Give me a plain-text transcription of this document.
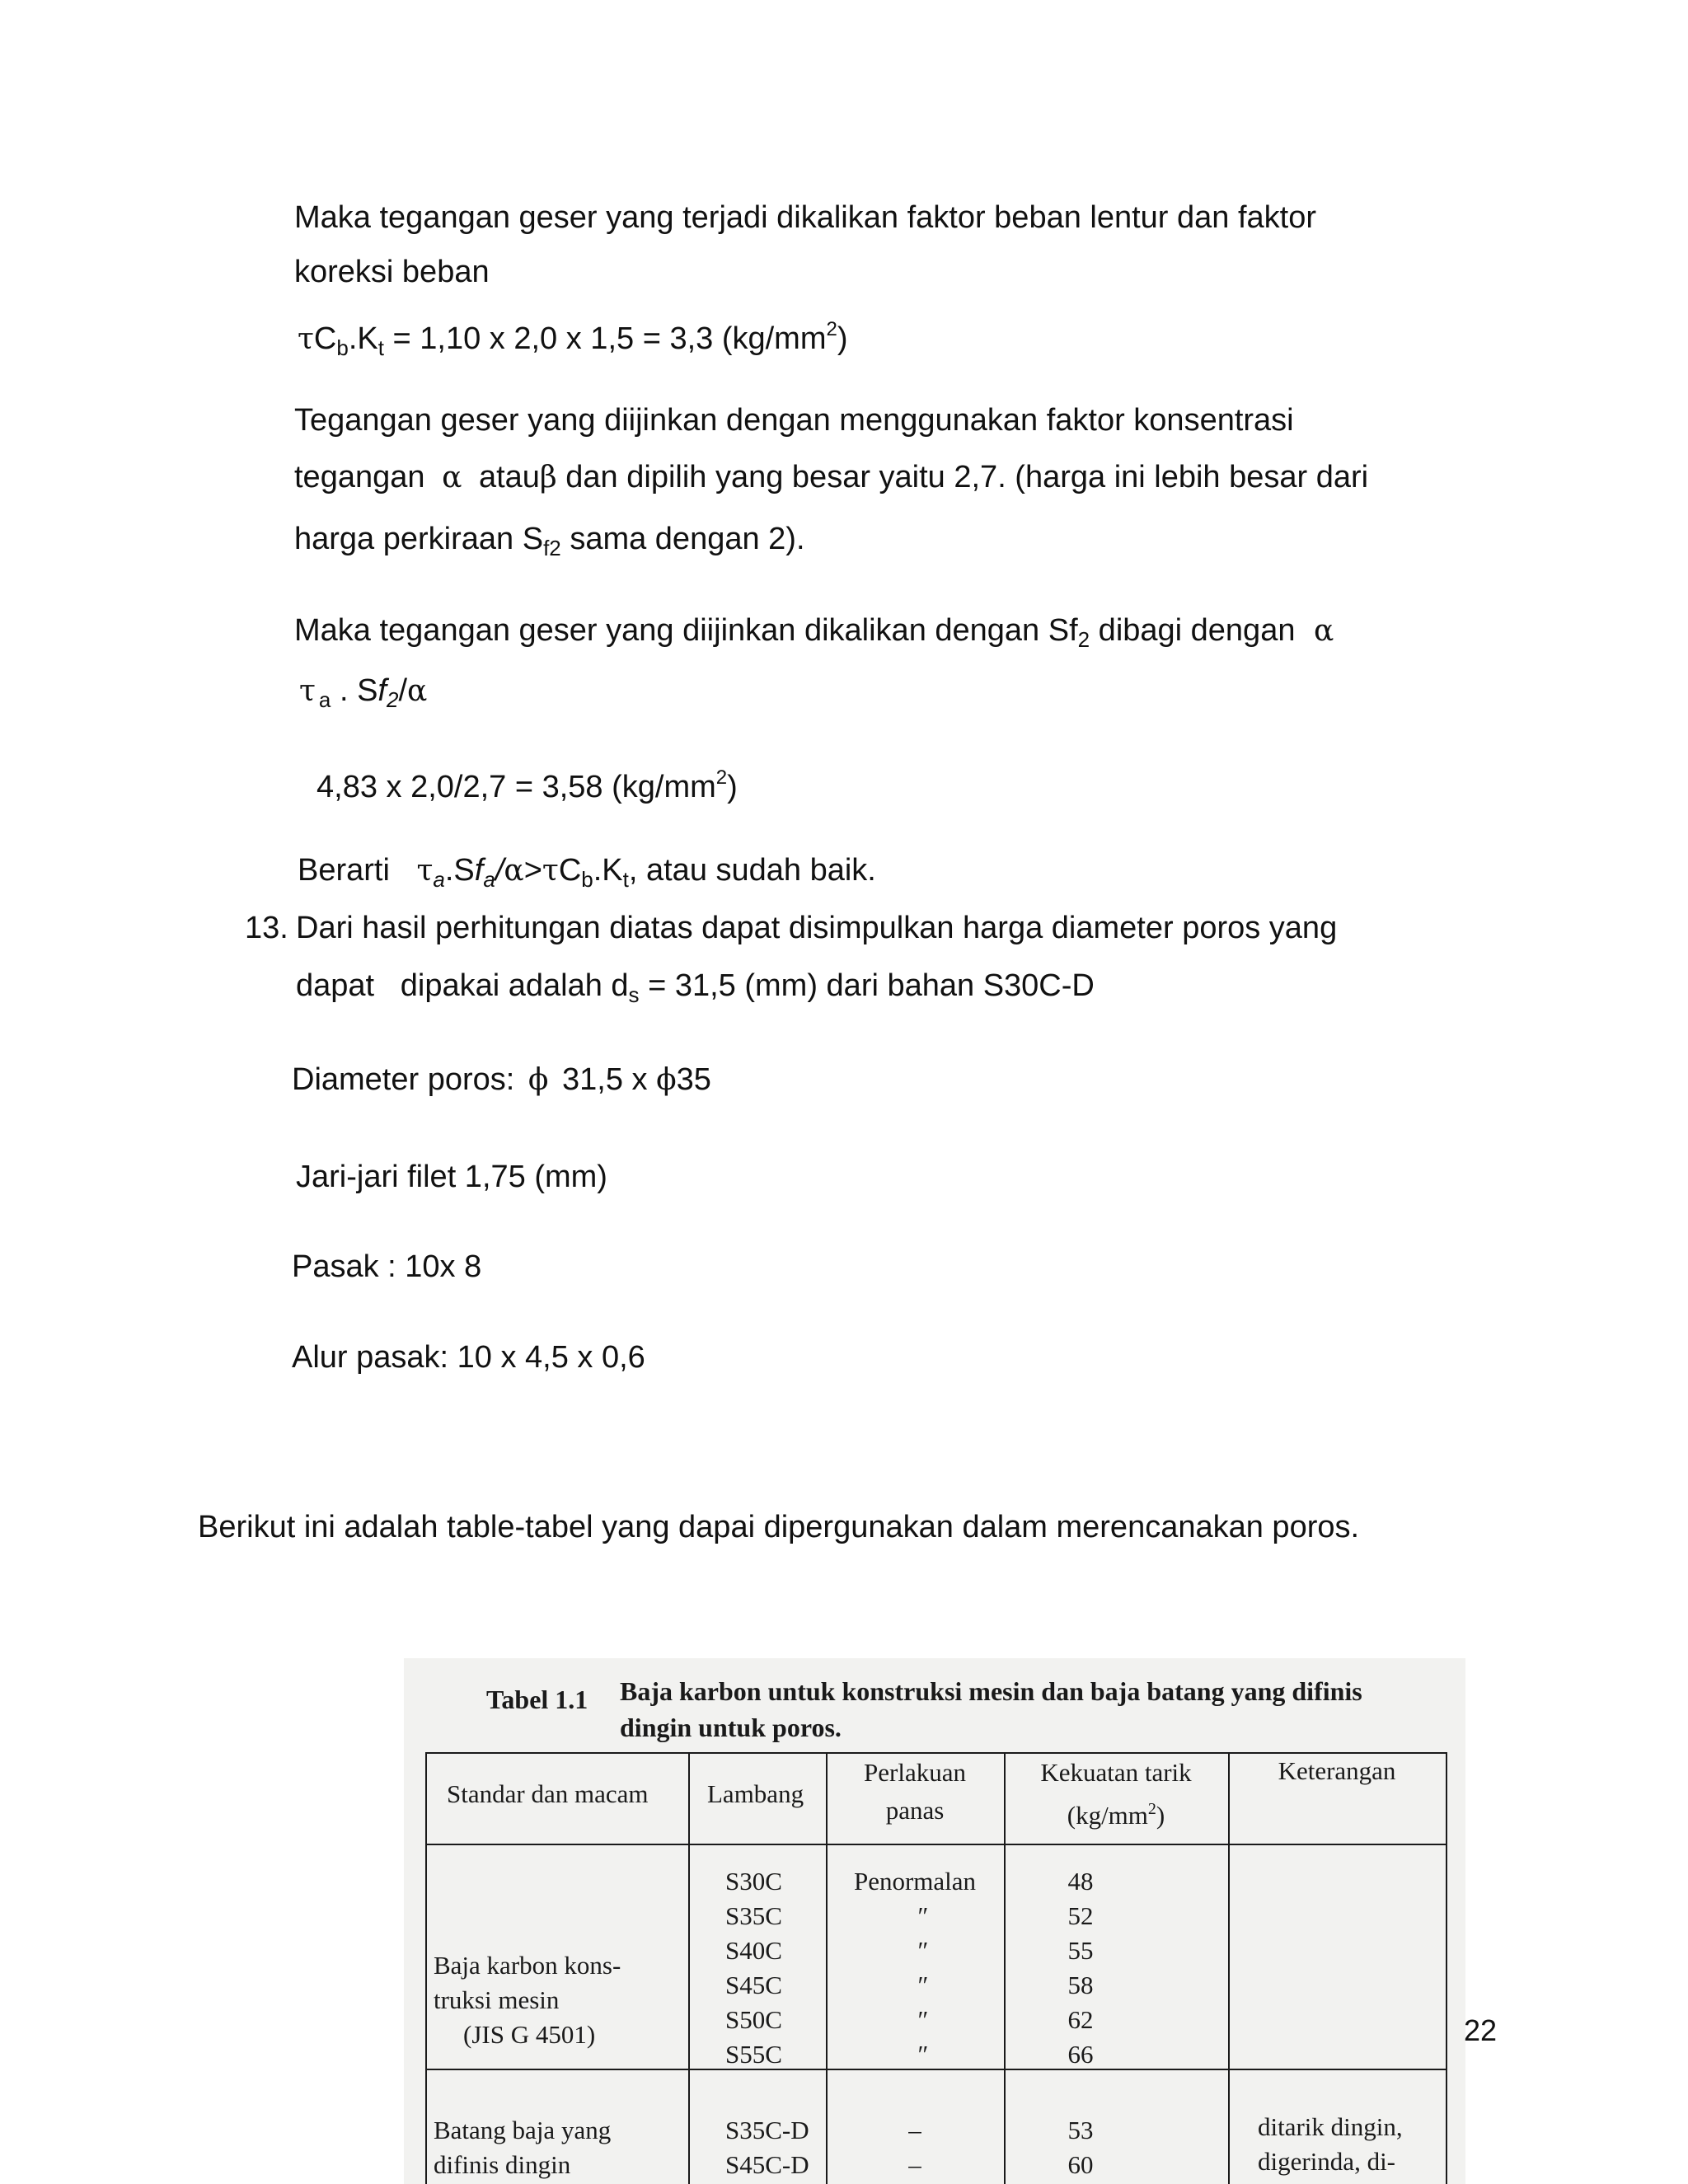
Maka tegangan geser yang terjadi dikalikan faktor beban lentur dan faktor
koreksi beban
$\tau C_b.K_t = 1,10$ x 2,0 x 1,5 = 3,3 $(kg/mm^2)$
Tegangan geser yang diijinkan dengan menggunakan faktor konsentrasi
tegangan α atauβ dan dipilih yang besar yaitu 2,7. (harga ini lebih besar dari
harga perkiraan $S_{f2}$ sama dengan 2).
Maka tegangan geser yang diijinkan dikalikan dengan $Sf_2$ dibagi dengan α
τ $_a$ . $Sf_2/\alpha$
4,83 x 2,0/2,7 = 3,58 $(kg/mm^2)$
Berarti $\tau_a.Sf_a/\alpha>\tau C_b.K_t$, atau sudah baik.
13. Dari hasil perhitungan diatas dapat disimpulkan harga diameter poros yang
dapat   dipakai adalah $d_s = 31,5$ (mm) dari bahan S30C-D
Diameter poros: ϕ 31,5 x ϕ35
Jari-jari filet 1,75 (mm)
Pasak : 10x 8
Alur pasak: 10 x 4,5 x 0,6
Berikut ini adalah table-tabel yang dapai dipergunakan dalam merencanakan poros.
Tabel 1.1 Baja karbon untuk konstruksi mesin dan baja batang yang difinis
dingin untuk poros.
Standar dan macam Lambang
Perlakuan
panas
Kekuatan tarik
$(kg/mm^2)$
Keterangan
Baja karbon kons-
truksi mesin
(JIS G 4501)
S30C
S35C
S40C
S45C
S50C
S55C
Penormalan
″
″
″
″
″
48
52
55
58
62
66
Batang baja yang
difinis dingin
S35C-D
S45C-D
–
–
53
60
ditarik dingin,
digerinda, di-
22
